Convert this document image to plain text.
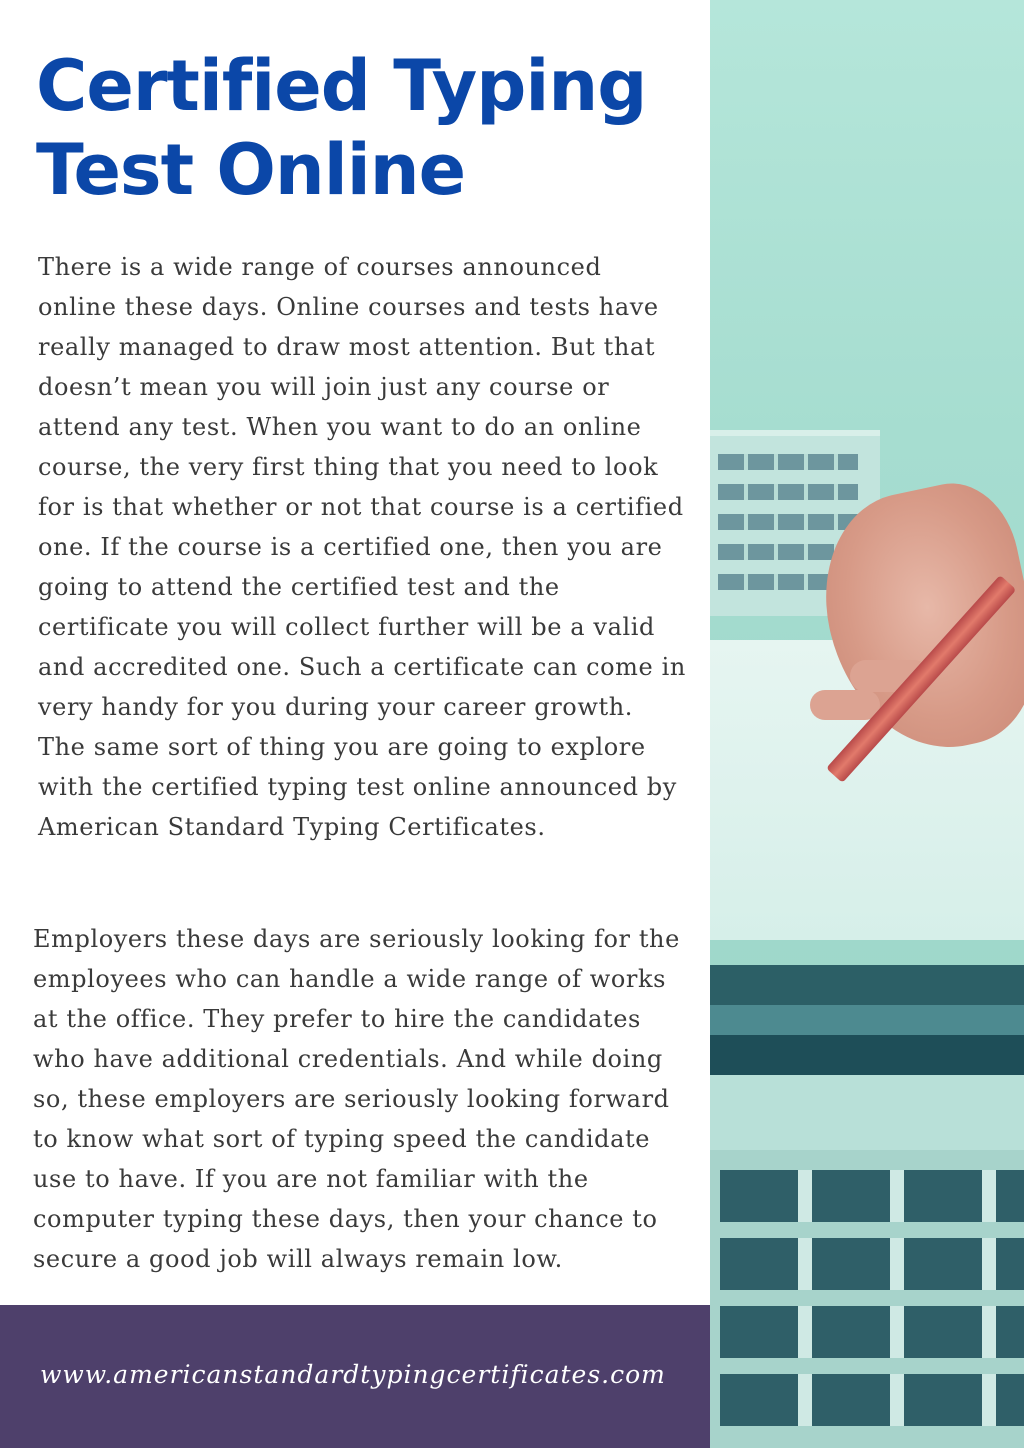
Certified Typing Test Online

There is a wide range of courses announced online these days. Online courses and tests have really managed to draw most attention. But that doesn’t mean you will join just any course or attend any test. When you want to do an online course, the very first thing that you need to look for is that whether or not that course is a certified one. If the course is a certified one, then you are going to attend the certified test and the certificate you will collect further will be a valid and accredited one. Such a certificate can come in very handy for you during your career growth. The same sort of thing you are going to explore with the certified typing test online announced by American Standard Typing Certificates.

Employers these days are seriously looking for the employees who can handle a wide range of works at the office. They prefer to hire the candidates who have additional credentials. And while doing so, these employers are seriously looking forward to know what sort of typing speed the candidate use to have. If you are not familiar with the computer typing these days, then your chance to secure a good job will always remain low.

www.americanstandardtypingcertificates.com
